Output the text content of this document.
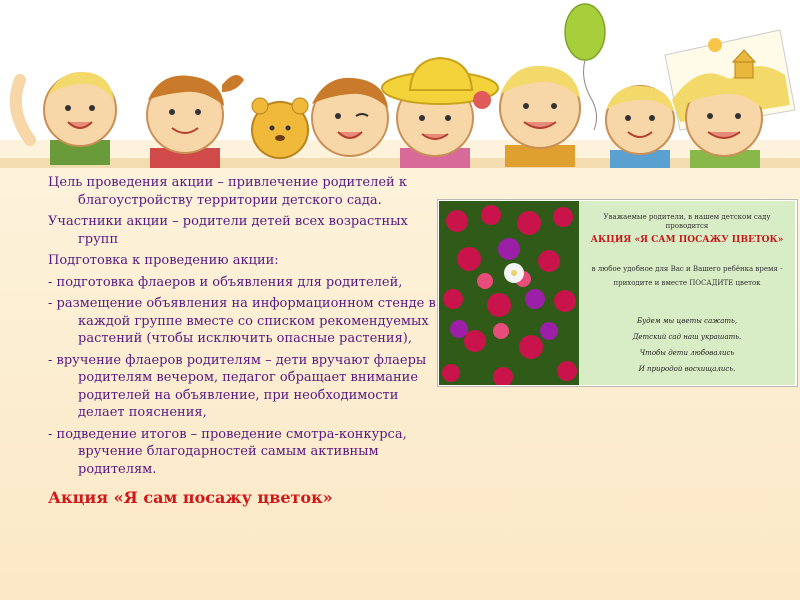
Цель проведения акции – привлечение родителей к благоустройству территории детского сада.

Участники акции – родители детей всех возрастных групп

Подготовка к проведению акции:

- подготовка флаеров и объявления для родителей,

- размещение объявления на информационном стенде в каждой группе вместе со списком рекомендуемых растений (чтобы исключить опасные растения),

- вручение флаеров родителям – дети вручают флаеры родителям вечером, педагог обращает внимание родителей на объявление, при необходимости делает пояснения,

- подведение итогов – проведение смотра-конкурса, вручение благодарностей самым активным родителям.

Акция «Я сам посажу цветок»
Уважаемые родители, в нашем детском саду проводится
АКЦИЯ «Я САМ ПОСАЖУ ЦВЕТОК»
в любое удобное для Вас и Вашего ребёнка время -
приходите и вместе ПОСАДИТЕ цветок
Будем мы цветы сажать,
Детский сад наш украшать.
Чтобы дети любовались
И природой восхищались.
